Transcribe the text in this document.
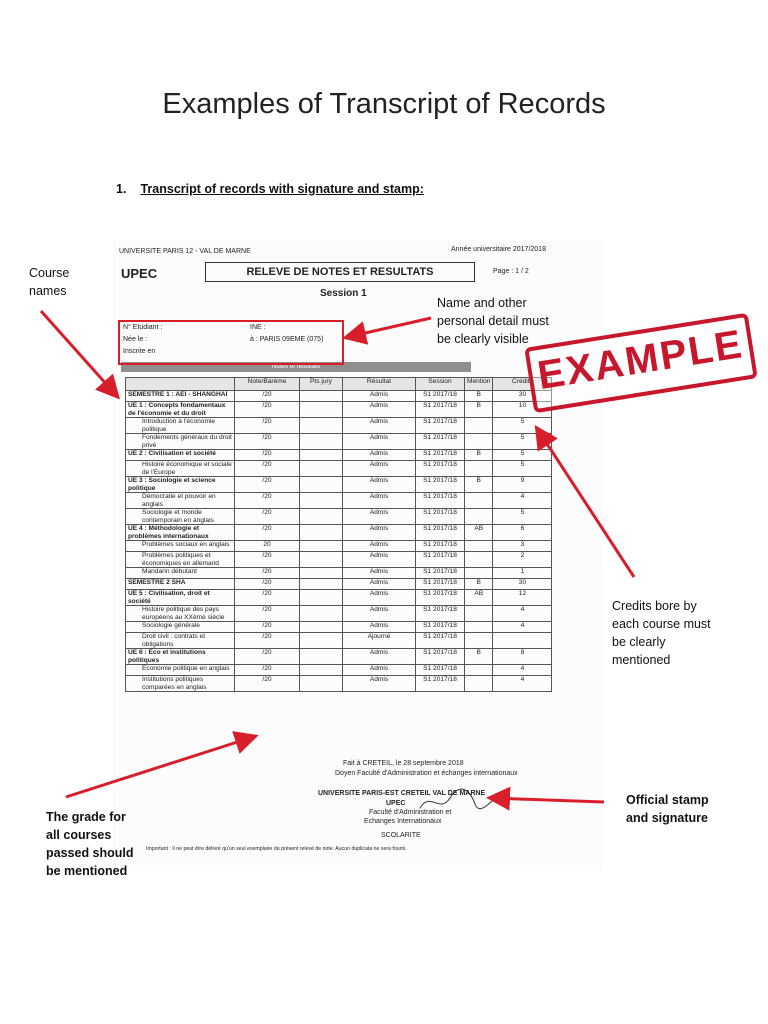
Examples of Transcript of Records
1. Transcript of records with signature and stamp:
UNIVERSITE PARIS 12 - VAL DE MARNE	Année universitaire 2017/2018
UPEC	RELEVE DE NOTES ET RESULTATS	Page : 1 / 2
Session 1
N° Etudiant :	INE :
Née le :	à : PARIS 09EME (075)
Inscrite en
Notes et résultats
	Note/Barème	Pts jury	Résultat	Session	Mention	Crédits
SEMESTRE 1 : AEI - SHANGHAÏ	/20		Admis	S1 2017/18	B	30
UE 1 : Concepts fondamentaux de l'économie et du droit	/20		Admis	S1 2017/18	B	10
Introduction à l'économie politique	/20		Admis	S1 2017/18		5
Fondements généraux du droit privé	/20		Admis	S1 2017/18		5
UE 2 : Civilisation et société	/20		Admis	S1 2017/18	B	5
Histoire économique et sociale de l'Europe	/20		Admis	S1 2017/18		5
UE 3 : Sociologie et science politique	/20		Admis	S1 2017/18	B	9
Démocratie et pouvoir en anglais	/20		Admis	S1 2017/18		4
Sociologie et monde contemporain en anglais	/20		Admis	S1 2017/18		5
UE 4 : Méthodologie et problèmes internationaux	/20		Admis	S1 2017/18	AB	6
Problèmes sociaux en anglais	20		Admis	S1 2017/18		3
Problèmes politiques et économiques en allemand	/20		Admis	S1 2017/18		2
Mandarin débutant	/20		Admis	S1 2017/18		1
SEMESTRE 2 SHA	/20		Admis	S1 2017/18	B	30
UE 5 : Civilisation, droit et société	/20		Admis	S1 2017/18	AB	12
Histoire politique des pays européens au XXème siècle	/20		Admis	S1 2017/18		4
Sociologie générale	/20		Admis	S1 2017/18		4
Droit civil : contrats et obligations	/20		Ajourné	S1 2017/18		
UE 6 : Eco et institutions politiques	/20		Admis	S1 2017/18	B	8
Economie politique en anglais	/20		Admis	S1 2017/18		4
Institutions politiques comparées en anglais	/20		Admis	S1 2017/18		4
Fait à CRETEIL, le 28 septembre 2018
Doyen Faculté d'Administration et échanges internationaux
UNIVERSITE PARIS-EST CRETEIL VAL DE MARNE
UPEC
Faculté d'Administration et
Echanges Internationaux
SCOLARITE
Important : Il ne peut être délivré qu'un seul exemplaire du présent relevé de note. Aucun duplicata ne sera fourni.
EXAMPLE
Course
names
Name and other
personal detail must
be clearly visible
Credits bore by
each course must
be clearly
mentioned
The grade for
all courses
passed should
be mentioned
Official stamp
and signature
